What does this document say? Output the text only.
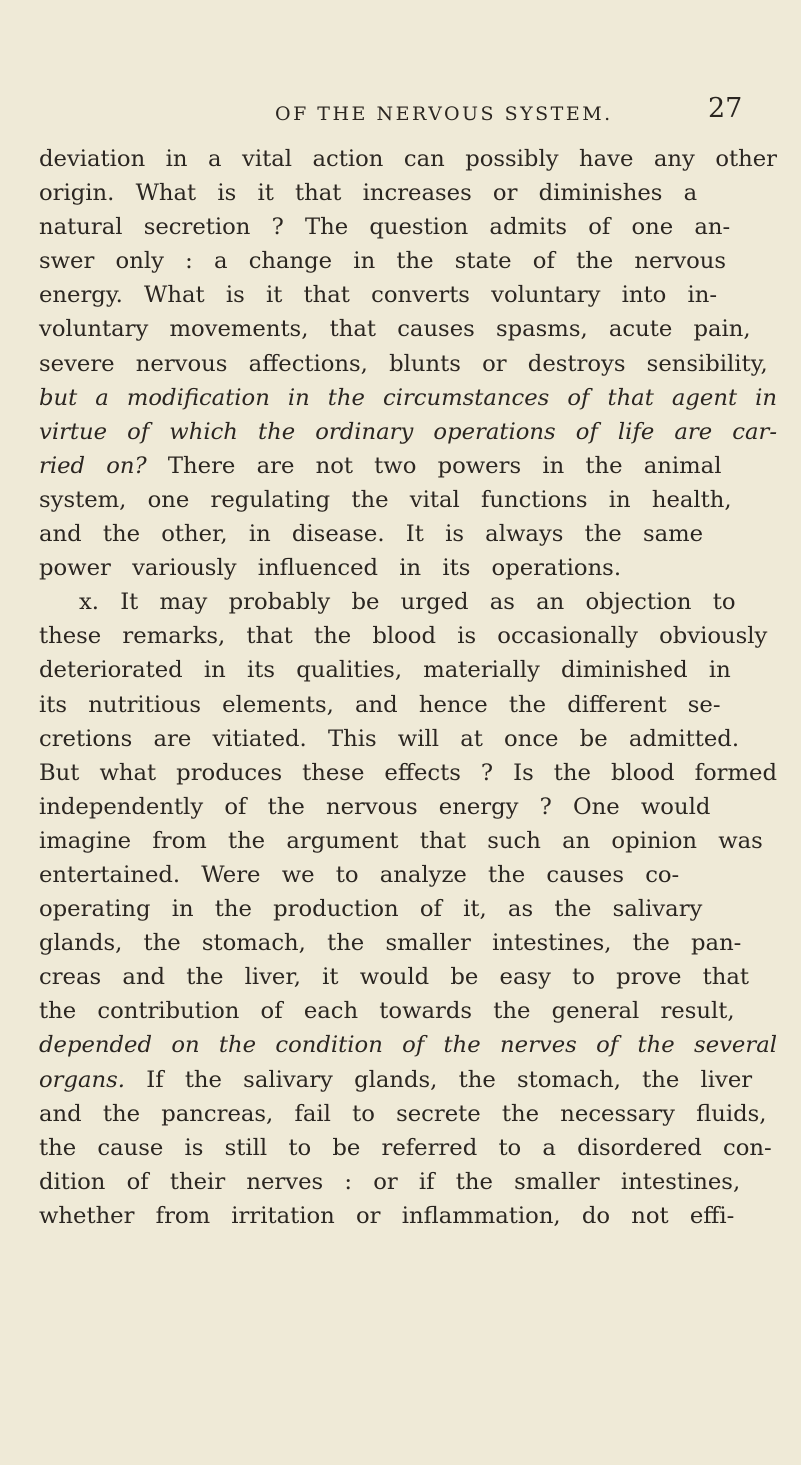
OF THE NERVOUS SYSTEM.	27
deviation in a vital action can possibly have any other
origin. What is it that increases or diminishes a
natural secretion ? The question admits of one an-
swer only : a change in the state of the nervous
energy. What is it that converts voluntary into in-
voluntary movements, that causes spasms, acute pain,
severe nervous affections, blunts or destroys sensibility,
but a modification in the circumstances of that agent in
virtue of which the ordinary operations of life are car-
ried on? There are not two powers in the animal
system, one regulating the vital functions in health,
and the other, in disease. It is always the same
power variously influenced in its operations.
x. It may probably be urged as an objection to
these remarks, that the blood is occasionally obviously
deteriorated in its qualities, materially diminished in
its nutritious elements, and hence the different se-
cretions are vitiated. This will at once be admitted.
But what produces these effects ? Is the blood formed
independently of the nervous energy ? One would
imagine from the argument that such an opinion was
entertained. Were we to analyze the causes co-
operating in the production of it, as the salivary
glands, the stomach, the smaller intestines, the pan-
creas and the liver, it would be easy to prove that
the contribution of each towards the general result,
depended on the condition of the nerves of the several
organs. If the salivary glands, the stomach, the liver
and the pancreas, fail to secrete the necessary fluids,
the cause is still to be referred to a disordered con-
dition of their nerves : or if the smaller intestines,
whether from irritation or inflammation, do not effi-
